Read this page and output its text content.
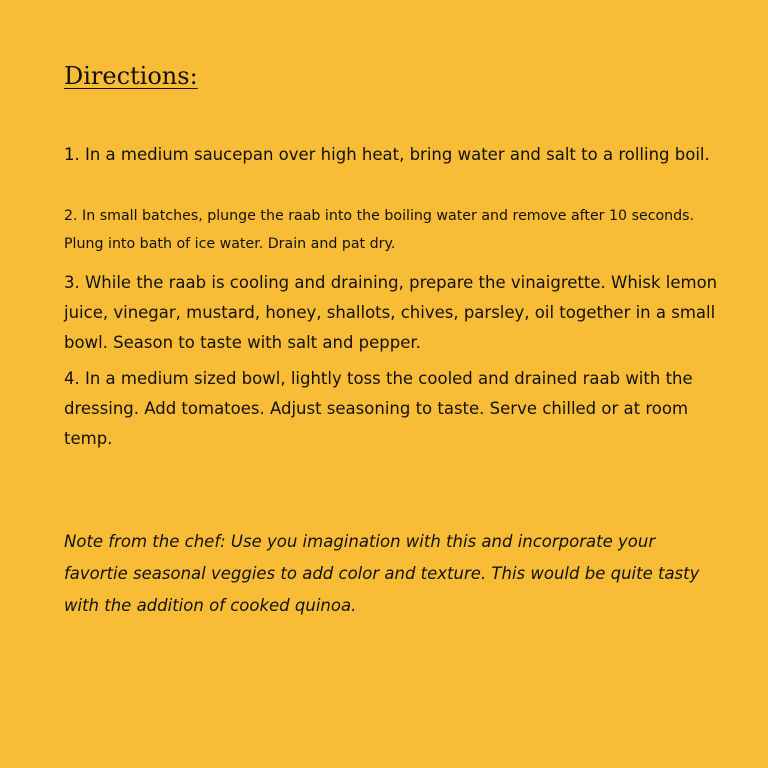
Directions:

1. In a medium saucepan over high heat, bring water and salt to a rolling boil.

2. In small batches, plunge the raab into the boiling water and remove after 10 seconds. Plung into bath of ice water. Drain and pat dry.

3. While the raab is cooling and draining, prepare the vinaigrette. Whisk lemon juice, vinegar, mustard, honey, shallots, chives, parsley, oil together in a small bowl. Season to taste with salt and pepper.

4. In a medium sized bowl, lightly toss the cooled and drained raab with the dressing. Add tomatoes. Adjust seasoning to taste. Serve chilled or at room temp.

Note from the chef: Use you imagination with this and incorporate your favortie seasonal veggies to add color and texture. This would be quite tasty with the addition of cooked quinoa.
